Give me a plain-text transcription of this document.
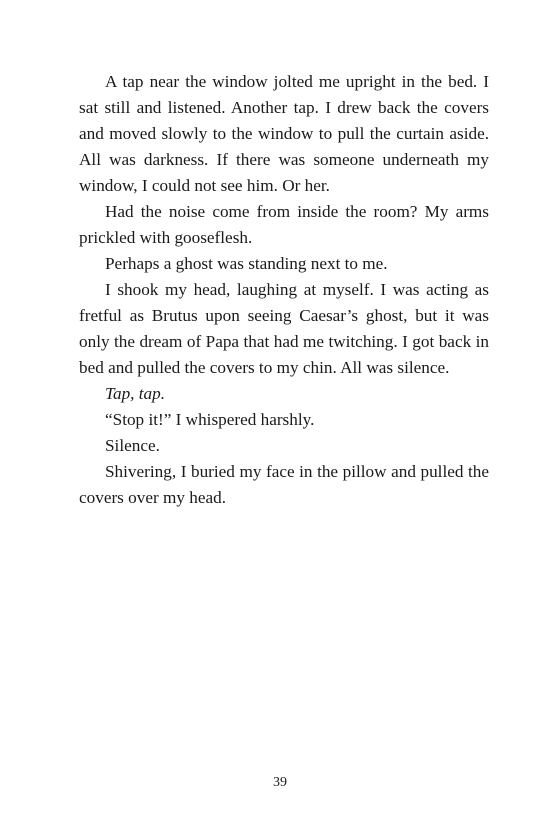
A tap near the window jolted me upright in the bed. I sat still and listened. Another tap. I drew back the covers and moved slowly to the window to pull the curtain aside. All was darkness. If there was someone underneath my window, I could not see him. Or her.

Had the noise come from inside the room? My arms prickled with gooseflesh.

Perhaps a ghost was standing next to me.

I shook my head, laughing at myself. I was acting as fretful as Brutus upon seeing Caesar’s ghost, but it was only the dream of Papa that had me twitching. I got back in bed and pulled the covers to my chin. All was silence.

Tap, tap.

“Stop it!” I whispered harshly.

Silence.

Shivering, I buried my face in the pillow and pulled the covers over my head.

39
